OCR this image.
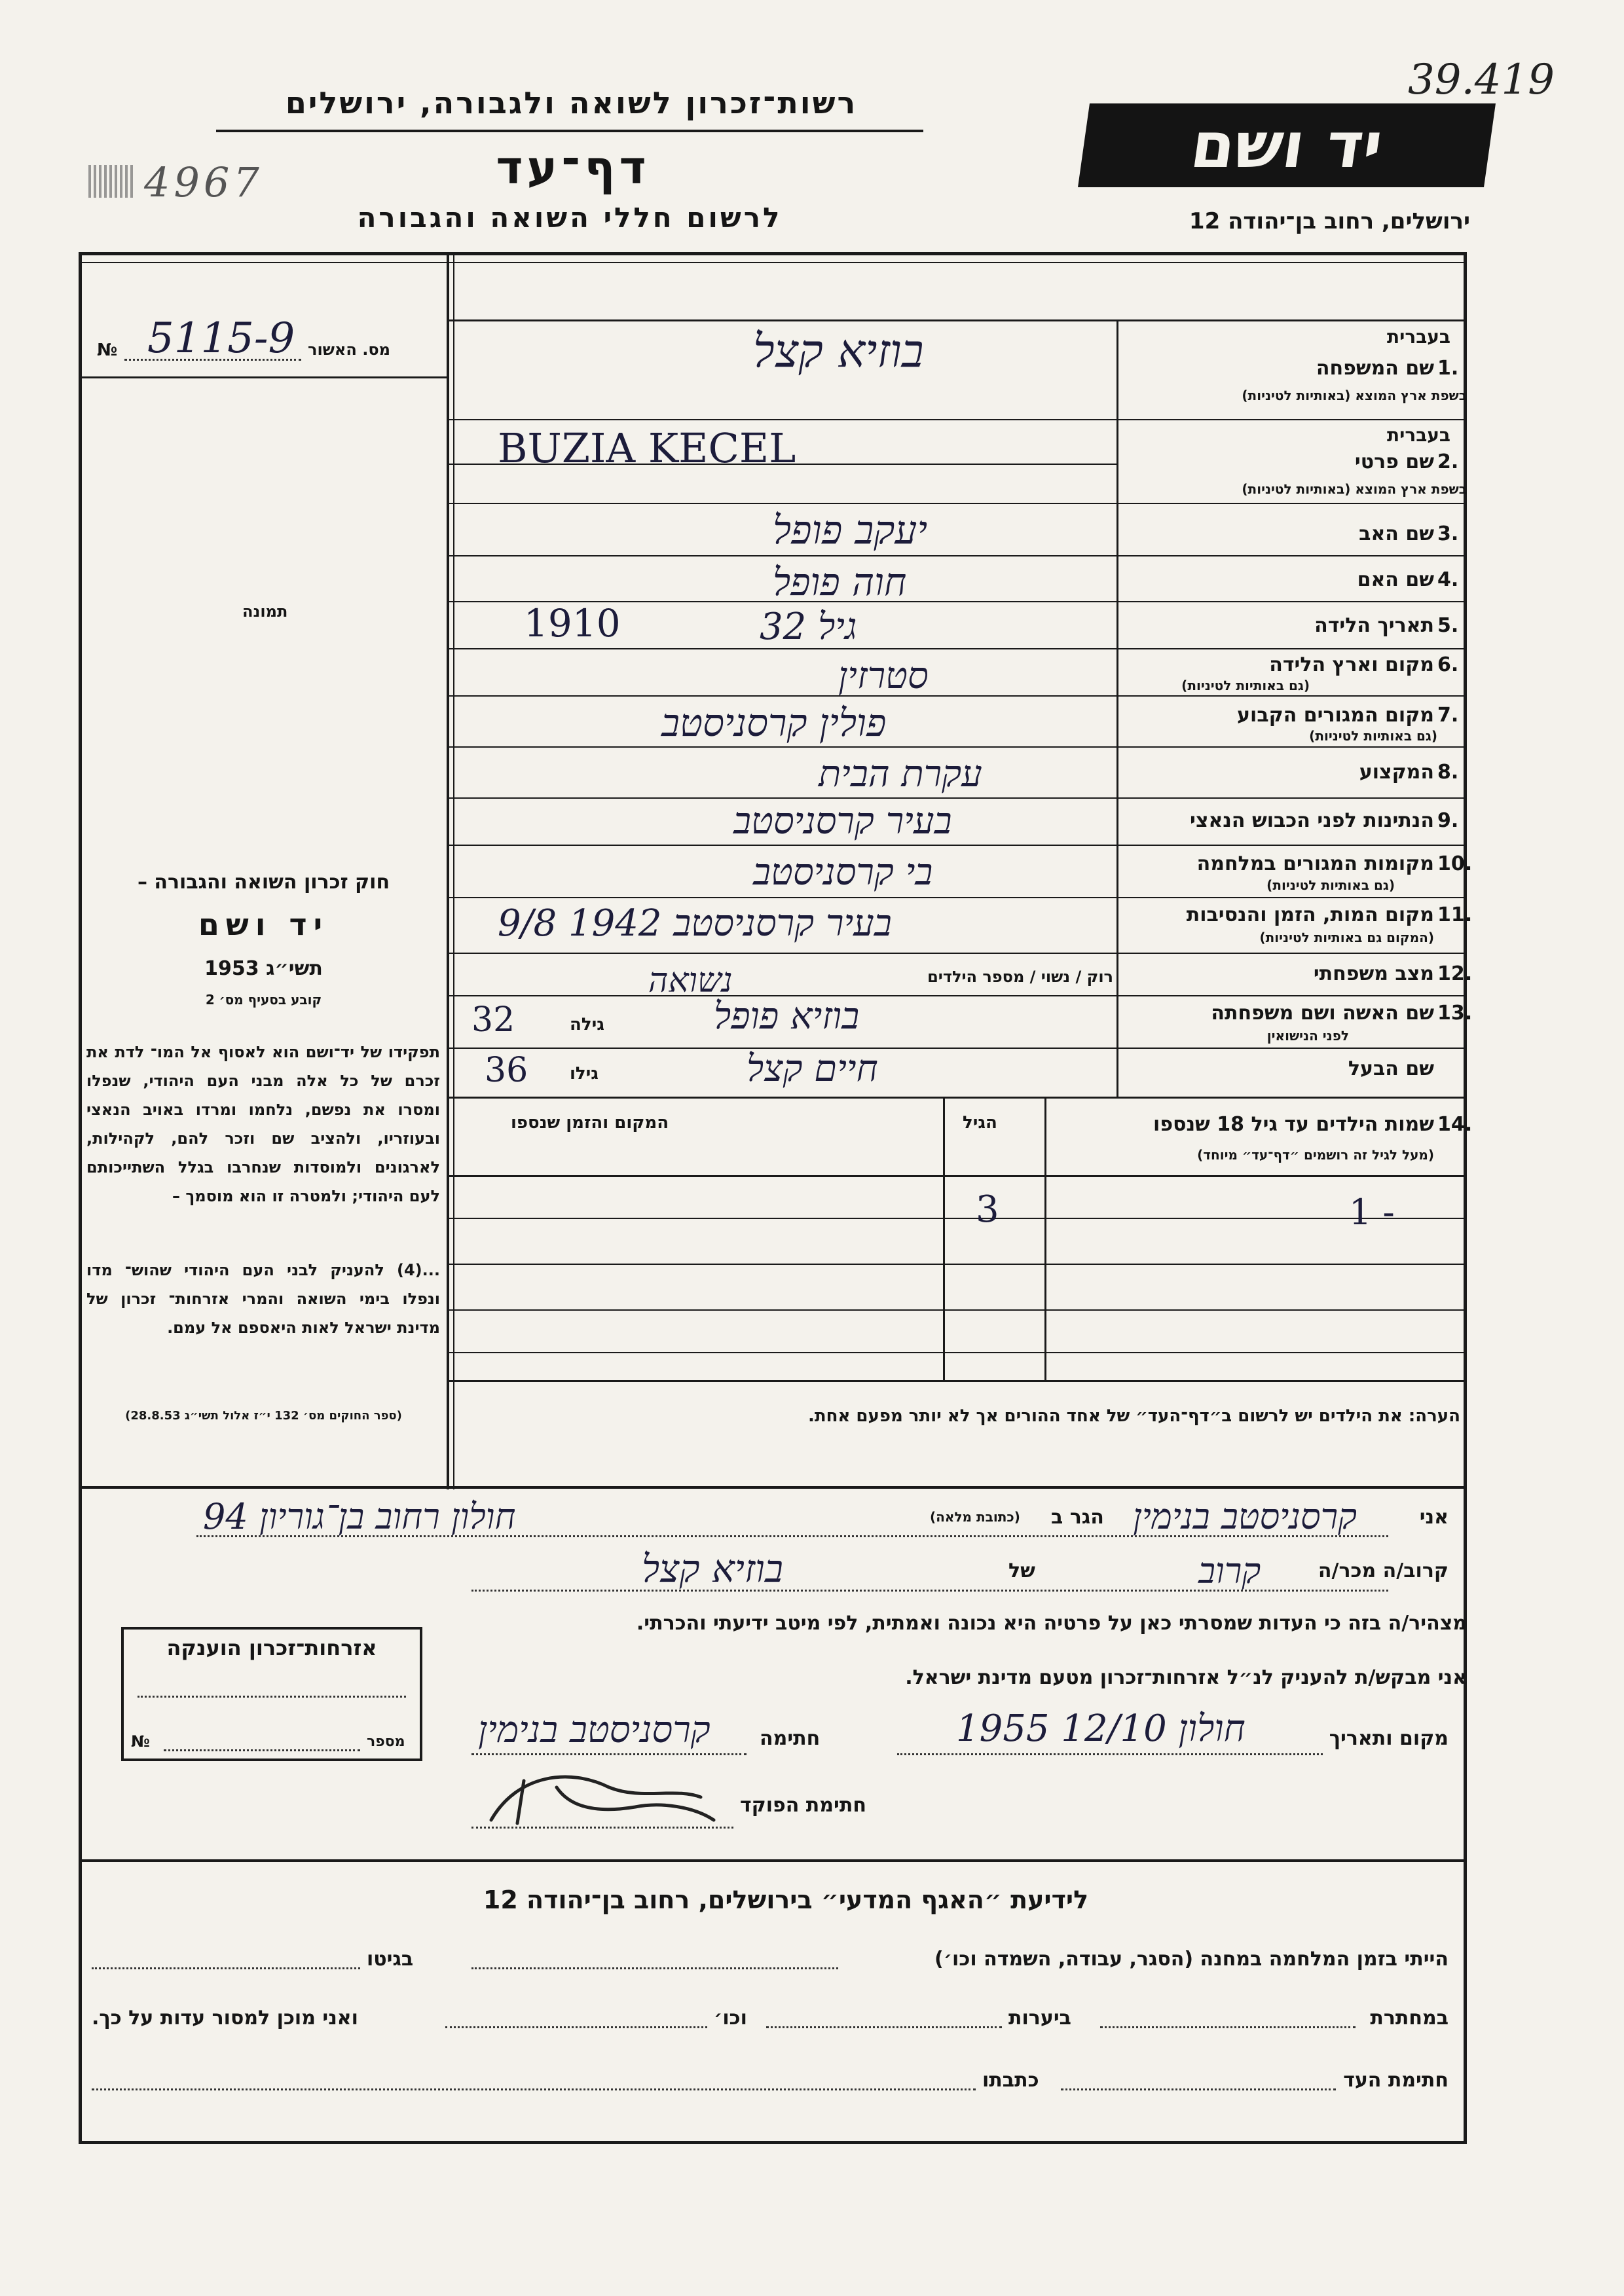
רשות־זכרון לשואה ולגבורה, ירושלים
דף־עד
לרשום חללי השואה והגבורה
4967
יד ושם
39.419
ירושלים, רחוב בן־יהודה 12
מס. האשור
№ 5115-9
תמונה
חוק זכרון השואה והגבורה –
יד ושם
תשי״ג 1953
קובע בסעיף מס׳ 2
תפקידו של יד־ושם הוא לאסוף אל המו־ לדת את זכרם של כל אלה מבני העם היהודי, שנפלו ומסרו את נפשם, נלחמו ומרדו באויב הנאצי ובעוזריו, ולהציב שם וזכר להם, לקהילות, לארגונים ולמוסדות שנחרבו בגלל השתייכותם לעם היהודי; ולמטרה זו הוא מוסמך –
...(4) להעניק לבני העם היהודי שהוש־ מדו ונפלו בימי השואה והמרי אזרחות־ זכרון של מדינת ישראל לאות היאספם אל עמם.
(ספר החוקים מס׳ 132 י״ז אלול תשי״ג 28.8.53)
בעברית
שם המשפחה 1.
בשפת ארץ המוצא (באותיות לטיניות)
בוזיא קצל
בעברית
שם פרטי 2.
בשפת ארץ המוצא (באותיות לטיניות)
BUZIA KECEL
שם האב 3.
יעקב פופל
שם האם 4.
חוה פופל
תאריך הלידה 5.
1910	גיל 32
מקום וארץ הלידה 6.
(גם באותיות לטיניות)
סטרזין
מקום המגורים הקבוע 7.
(גם באותיות לטיניות)
פולין קרסניסטב
המקצוע 8.
עקרת הבית
הנתינות לפני הכבוש הנאצי 9.
בעיר קרסניסטב
מקומות המגורים במלחמה 10.
(גם באותיות לטיניות)
בי קרסניסטב
מקום המות, הזמן והנסיבות 11.
(המקום גם באותיות לטיניות)
בעיר קרסניסטב 1942 9/8
מצב משפחתי 12.
רוק / נשוי / מספר הילדים
נשואה
שם האשה ושם משפחתה 13.
לפני הנישואין
בוזיא פופל
גילה
32
שם הבעל
חיים קצל
גילו
36
שמות הילדים עד גיל 18 שנספו 14.
(מעל לגיל זה רושמים ״דף־עד״ מיוחד)
הגיל
המקום והזמן שנספו
1 -
3
הערה: את הילדים יש לרשום ב״דף־העד״ של אחד ההורים אך לא יותר מפעם אחת.
אני
קרסניסטב בנימין
הגר ב
(כתובת מלאה)
חולון רחוב בן־גוריון 94
קרוב/ה מכר/ה
קרוב
של
בוזיא קצל
מצהיר/ה בזה כי העדות שמסרתי כאן על פרטיה היא נכונה ואמתית, לפי מיטב ידיעתי והכרתי.
אני מבקש/ת להעניק לנ״ל אזרחות־זכרון מטעם מדינת ישראל.
מקום ותאריך
חולון 12/10 1955
חתימה
קרסניסטב בנימין
חתימת הפוקד
אזרחות־זכרון הוענקה
מספר
№
לידיעת ״האגף המדעי״ בירושלים, רחוב בן־יהודה 12
הייתי בזמן המלחמה במחנה (הסגר, עבודה, השמדה וכו׳)
בגיטו
במחתרת
ביערות
וכו׳
ואני מוכן למסור עדות על כך.
חתימת העד
כתבתו
